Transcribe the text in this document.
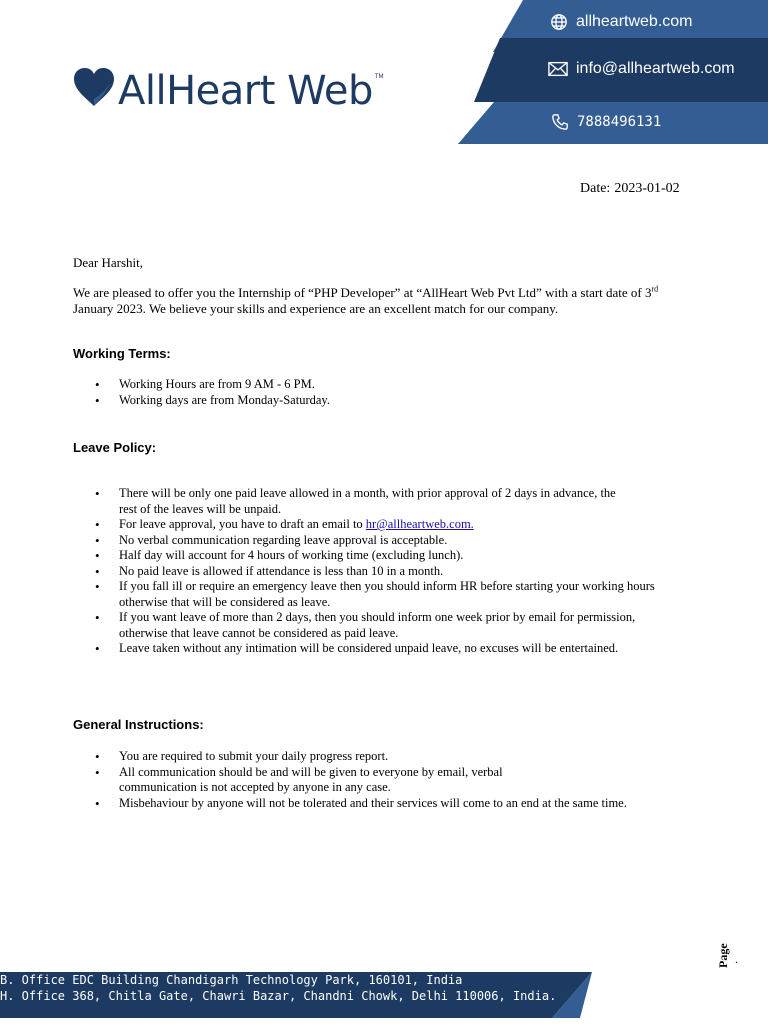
allheartweb.com
info@allheartweb.com
7888496131
AllHeart Web TM
Date: 2023-01-02
Dear Harshit,
We are pleased to offer you the Internship of “PHP Developer” at “AllHeart Web Pvt Ltd” with a start date of 3rd January 2023. We believe your skills and experience are an excellent match for our company.
Working Terms:
• Working Hours are from 9 AM - 6 PM.
• Working days are from Monday-Saturday.
Leave Policy:
• There will be only one paid leave allowed in a month, with prior approval of 2 days in advance, the rest of the leaves will be unpaid.
• For leave approval, you have to draft an email to hr@allheartweb.com.
• No verbal communication regarding leave approval is acceptable.
• Half day will account for 4 hours of working time (excluding lunch).
• No paid leave is allowed if attendance is less than 10 in a month.
• If you fall ill or require an emergency leave then you should inform HR before starting your working hours otherwise that will be considered as leave.
• If you want leave of more than 2 days, then you should inform one week prior by email for permission, otherwise that leave cannot be considered as paid leave.
• Leave taken without any intimation will be considered unpaid leave, no excuses will be entertained.
General Instructions:
• You are required to submit your daily progress report.
• All communication should be and will be given to everyone by email, verbal communication is not accepted by anyone in any case.
• Misbehaviour by anyone will not be tolerated and their services will come to an end at the same time.
Page .
B. Office EDC Building Chandigarh Technology Park, 160101, India
H. Office 368, Chitla Gate, Chawri Bazar, Chandni Chowk, Delhi 110006, India.
